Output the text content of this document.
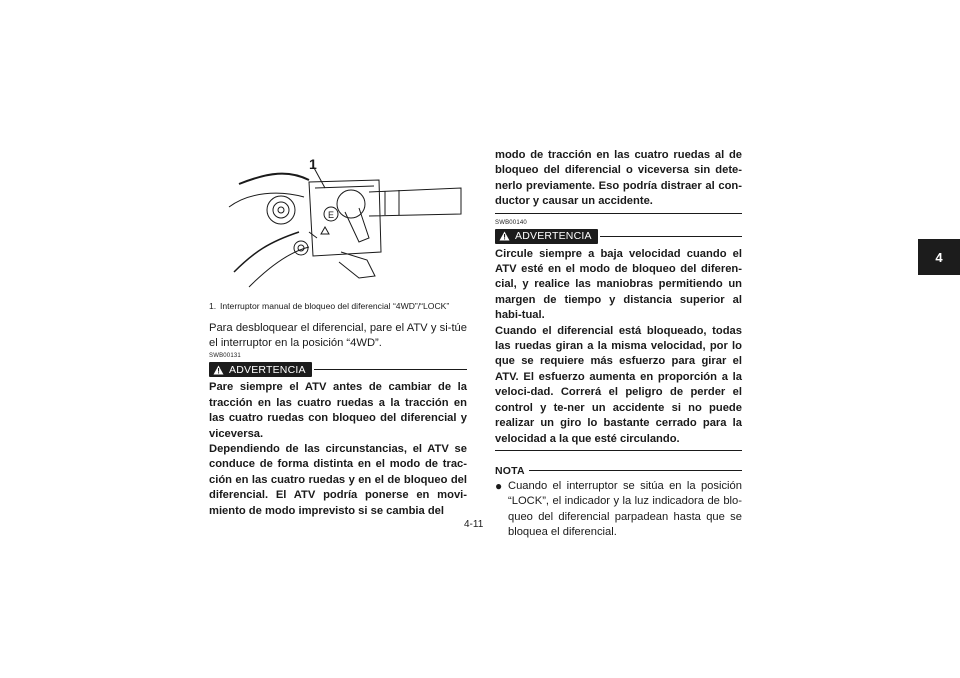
4
E
1
1. Interruptor manual de bloqueo del diferencial “4WD”/“LOCK”

Para desbloquear el diferencial, pare el ATV y si-túe el interruptor en la posición “4WD”.

SWB00131
ADVERTENCIA

Pare siempre el ATV antes de cambiar de la tracción en las cuatro ruedas a la tracción en las cuatro ruedas con bloqueo del diferencial y viceversa.

Dependiendo de las circunstancias, el ATV se conduce de forma distinta en el modo de trac-ción en las cuatro ruedas y en el de bloqueo del diferencial. El ATV podría ponerse en movi-miento de modo imprevisto si se cambia del

modo de tracción en las cuatro ruedas al de bloqueo del diferencial o viceversa sin dete-nerlo previamente. Eso podría distraer al con-ductor y causar un accidente.

SWB00140
ADVERTENCIA

Circule siempre a baja velocidad cuando el ATV esté en el modo de bloqueo del diferen-cial, y realice las maniobras permitiendo un margen de tiempo y distancia superior al habi-tual.

Cuando el diferencial está bloqueado, todas las ruedas giran a la misma velocidad, por lo que se requiere más esfuerzo para girar el ATV. El esfuerzo aumenta en proporción a la veloci-dad. Correrá el peligro de perder el control y te-ner un accidente si no puede realizar un giro lo bastante cerrado para la velocidad a la que esté circulando.

NOTA
● Cuando el interruptor se sitúa en la posición “LOCK”, el indicador y la luz indicadora de blo-queo del diferencial parpadean hasta que se bloquea el diferencial.
4-11
